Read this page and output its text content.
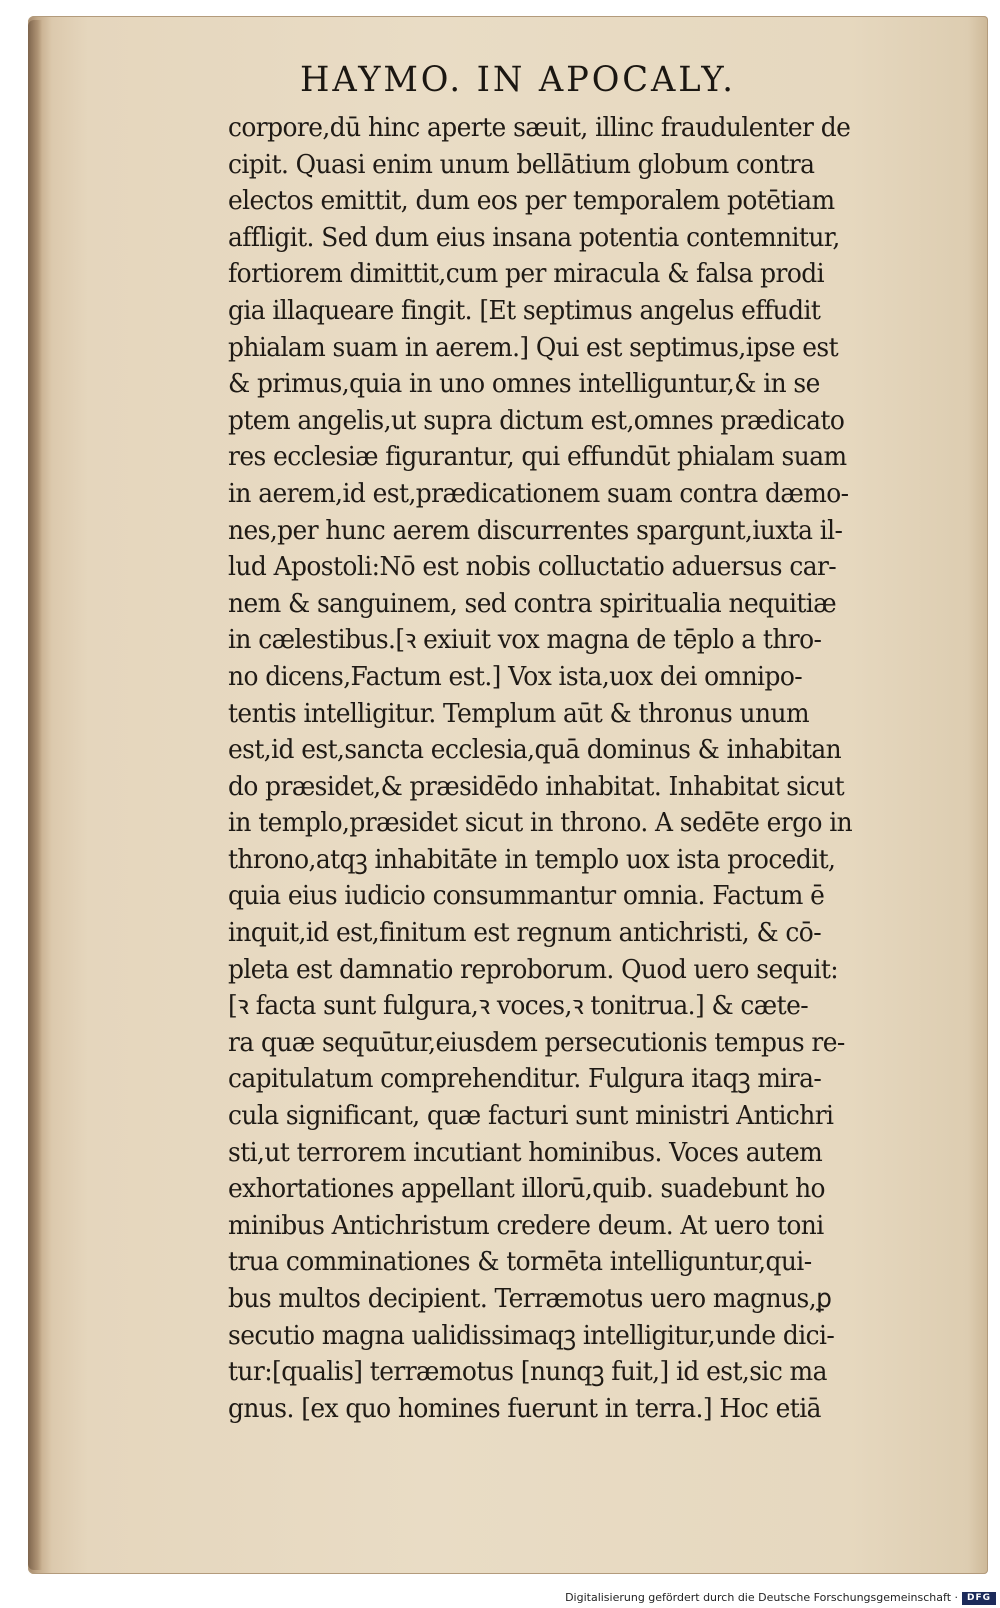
HAYMO. IN APOCALY.
corpore,dū hinc aperte sæuit, illinc fraudulenter de
cipit. Quasi enim unum bellātium globum contra
electos emittit, dum eos per temporalem potētiam
affligit. Sed dum eius insana potentia contemnitur,
fortiorem dimittit,cum per miracula & falsa prodi
gia illaqueare fingit. [Et septimus angelus effudit
phialam suam in aerem.] Qui est septimus,ipse est
& primus,quia in uno omnes intelliguntur,& in se
ptem angelis,ut supra dictum est,omnes prædicato
res ecclesiæ figurantur, qui effundūt phialam suam
in aerem,id est,prædicationem suam contra dæmo-
nes,per hunc aerem discurrentes spargunt,iuxta il-
lud Apostoli:Nō est nobis colluctatio aduersus car-
nem & sanguinem, sed contra spiritualia nequitiæ
in cælestibus.[ꝛ exiuit vox magna de tēplo a thro-
no dicens,Factum est.] Vox ista,uox dei omnipo-
tentis intelligitur. Templum aūt & thronus unum
est,id est,sancta ecclesia,quā dominus & inhabitan
do præsidet,& præsidēdo inhabitat. Inhabitat sicut
in templo,præsidet sicut in throno. A sedēte ergo in
throno,atqꝫ inhabitāte in templo uox ista procedit,
quia eius iudicio consummantur omnia. Factum ē
inquit,id est,finitum est regnum antichristi, & cō-
pleta est damnatio reproborum. Quod uero sequit:
[ꝛ facta sunt fulgura,ꝛ voces,ꝛ tonitrua.] & cæte-
ra quæ sequūtur,eiusdem persecutionis tempus re-
capitulatum comprehenditur. Fulgura itaqꝫ mira-
cula significant, quæ facturi sunt ministri Antichri
sti,ut terrorem incutiant hominibus. Voces autem
exhortationes appellant illorū,quib. suadebunt ho
minibus Antichristum credere deum. At uero toni
trua comminationes & tormēta intelliguntur,qui-
bus multos decipient. Terræmotus uero magnus,ꝑ
secutio magna ualidissimaqꝫ intelligitur,unde dici-
tur:[qualis] terræmotus [nunqꝫ fuit,] id est,sic ma
gnus. [ex quo homines fuerunt in terra.] Hoc etiā
Digitalisierung gefördert durch die Deutsche Forschungsgemeinschaft · DFG
